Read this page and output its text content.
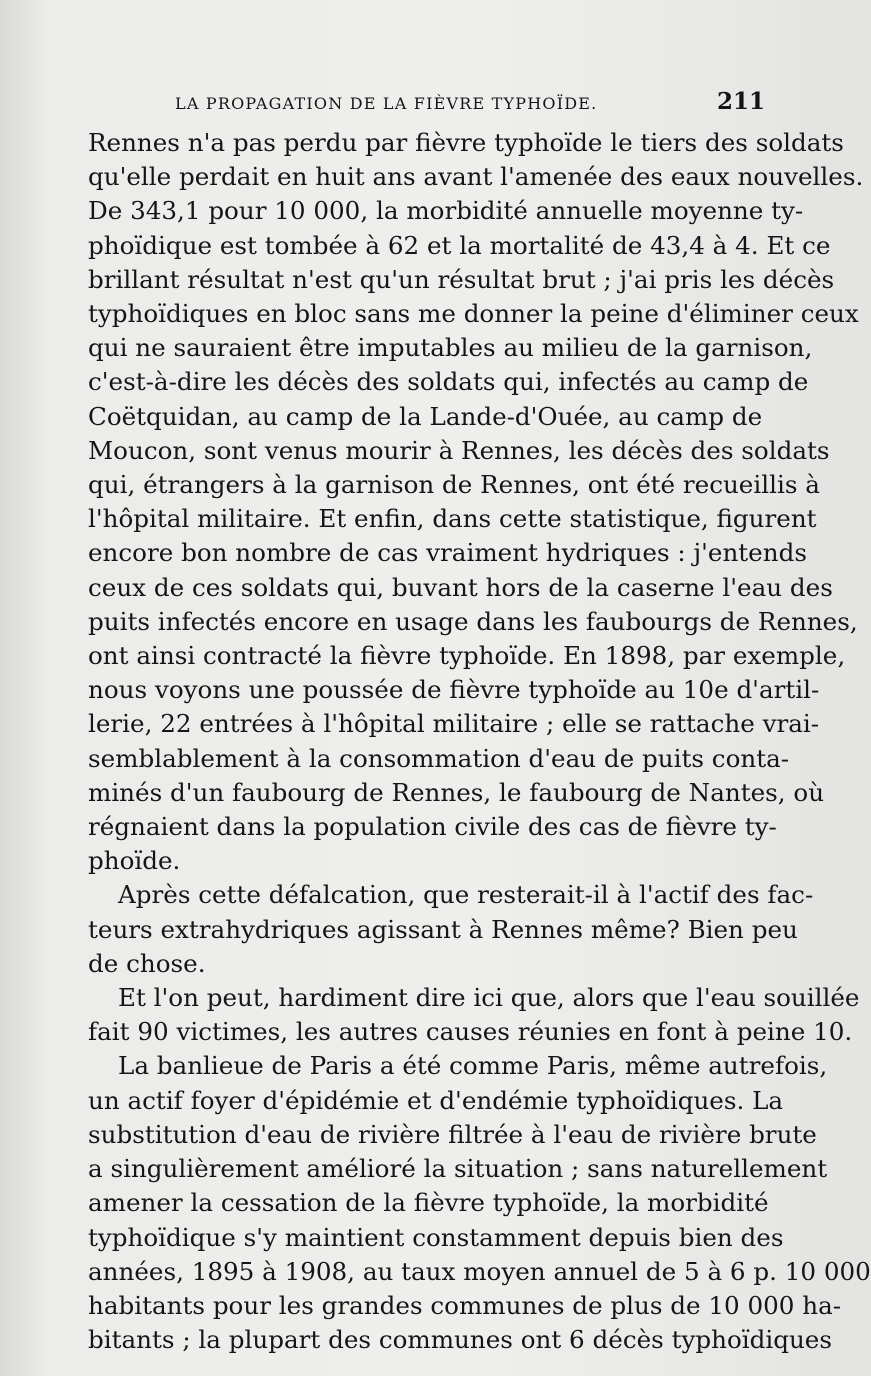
LA PROPAGATION DE LA FIÈVRE TYPHOÏDE.	211
Rennes n'a pas perdu par fièvre typhoïde le tiers des soldats
qu'elle perdait en huit ans avant l'amenée des eaux nouvelles.
De 343,1 pour 10 000, la morbidité annuelle moyenne ty-
phoïdique est tombée à 62 et la mortalité de 43,4 à 4. Et ce
brillant résultat n'est qu'un résultat brut ; j'ai pris les décès
typhoïdiques en bloc sans me donner la peine d'éliminer ceux
qui ne sauraient être imputables au milieu de la garnison,
c'est-à-dire les décès des soldats qui, infectés au camp de
Coëtquidan, au camp de la Lande-d'Ouée, au camp de
Moucon, sont venus mourir à Rennes, les décès des soldats
qui, étrangers à la garnison de Rennes, ont été recueillis à
l'hôpital militaire. Et enfin, dans cette statistique, figurent
encore bon nombre de cas vraiment hydriques : j'entends
ceux de ces soldats qui, buvant hors de la caserne l'eau des
puits infectés encore en usage dans les faubourgs de Rennes,
ont ainsi contracté la fièvre typhoïde. En 1898, par exemple,
nous voyons une poussée de fièvre typhoïde au 10e d'artil-
lerie, 22 entrées à l'hôpital militaire ; elle se rattache vrai-
semblablement à la consommation d'eau de puits conta-
minés d'un faubourg de Rennes, le faubourg de Nantes, où
régnaient dans la population civile des cas de fièvre ty-
phoïde.
Après cette défalcation, que resterait-il à l'actif des fac-
teurs extrahydriques agissant à Rennes même? Bien peu
de chose.
Et l'on peut, hardiment dire ici que, alors que l'eau souillée
fait 90 victimes, les autres causes réunies en font à peine 10.
La banlieue de Paris a été comme Paris, même autrefois,
un actif foyer d'épidémie et d'endémie typhoïdiques. La
substitution d'eau de rivière filtrée à l'eau de rivière brute
a singulièrement amélioré la situation ; sans naturellement
amener la cessation de la fièvre typhoïde, la morbidité
typhoïdique s'y maintient constamment depuis bien des
années, 1895 à 1908, au taux moyen annuel de 5 à 6 p. 10 000
habitants pour les grandes communes de plus de 10 000 ha-
bitants ; la plupart des communes ont 6 décès typhoïdiques
